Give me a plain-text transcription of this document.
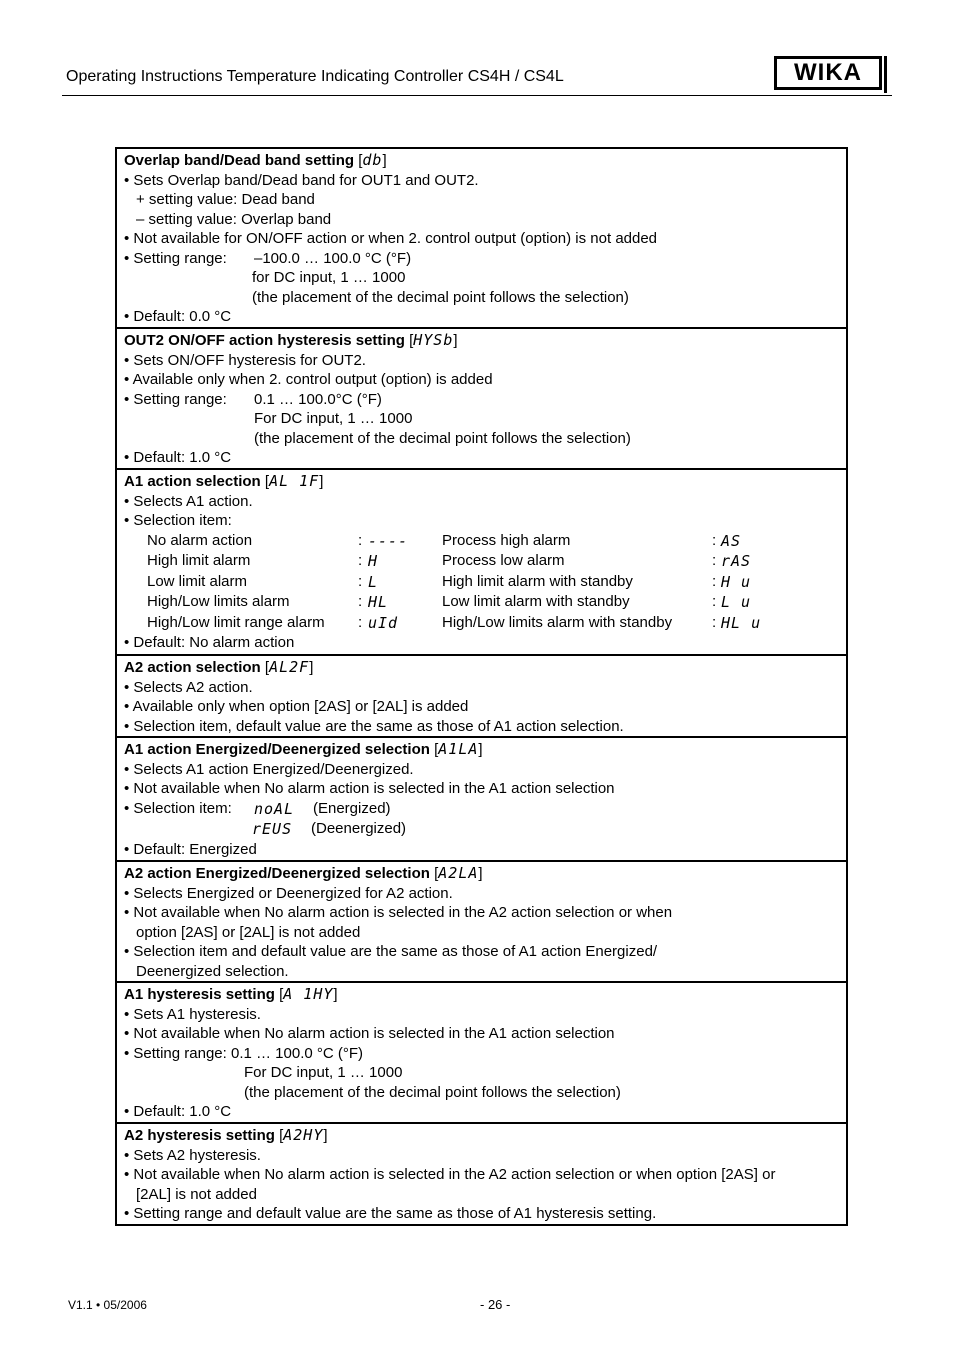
Operating Instructions Temperature Indicating Controller CS4H / CS4L	WIKA
Overlap band/Dead band setting [db]
• Sets Overlap band/Dead band for OUT1 and OUT2.
+ setting value: Dead band
– setting value: Overlap band
• Not available for ON/OFF action or when 2. control output (option) is not added
• Setting range: –100.0 … 100.0 °C (°F)
for DC input, 1 … 1000
(the placement of the decimal point follows the selection)
• Default: 0.0 °C
OUT2 ON/OFF action hysteresis setting [HYSb]
• Sets ON/OFF hysteresis for OUT2.
• Available only when 2. control output (option) is added
• Setting range: 0.1 … 100.0°C (°F)
For DC input, 1 … 1000
(the placement of the decimal point follows the selection)
• Default: 1.0 °C
A1 action selection [AL 1F]
• Selects A1 action.
• Selection item:
No alarm action	: ---- Process high alarm	: AS
High limit alarm	: H	Process low alarm	: rAS
Low limit alarm	: L	High limit alarm with standby	: H u
High/Low limits alarm	: HL	Low limit alarm with standby	: L u
High/Low limit range alarm : uId	High/Low limits alarm with standby	: HL u
• Default: No alarm action
A2 action selection [AL2F]
• Selects A2 action.
• Available only when option [2AS] or [2AL] is added
• Selection item, default value are the same as those of A1 action selection.
A1 action Energized/Deenergized selection [A1LA]
• Selects A1 action Energized/Deenergized.
• Not available when No alarm action is selected in the A1 action selection
• Selection item: noAL (Energized)
rEUS (Deenergized)
• Default: Energized
A2 action Energized/Deenergized selection [A2LA]
• Selects Energized or Deenergized for A2 action.
• Not available when No alarm action is selected in the A2 action selection or when
option [2AS] or [2AL] is not added
• Selection item and default value are the same as those of A1 action Energized/
Deenergized selection.
A1 hysteresis setting [A 1HY]
• Sets A1 hysteresis.
• Not available when No alarm action is selected in the A1 action selection
• Setting range: 0.1 … 100.0 °C (°F)
For DC input, 1 … 1000
(the placement of the decimal point follows the selection)
• Default: 1.0 °C
A2 hysteresis setting [A2HY]
• Sets A2 hysteresis.
• Not available when No alarm action is selected in the A2 action selection or when option [2AS] or
[2AL] is not added
• Setting range and default value are the same as those of A1 hysteresis setting.
V1.1 • 05/2006	- 26 -
